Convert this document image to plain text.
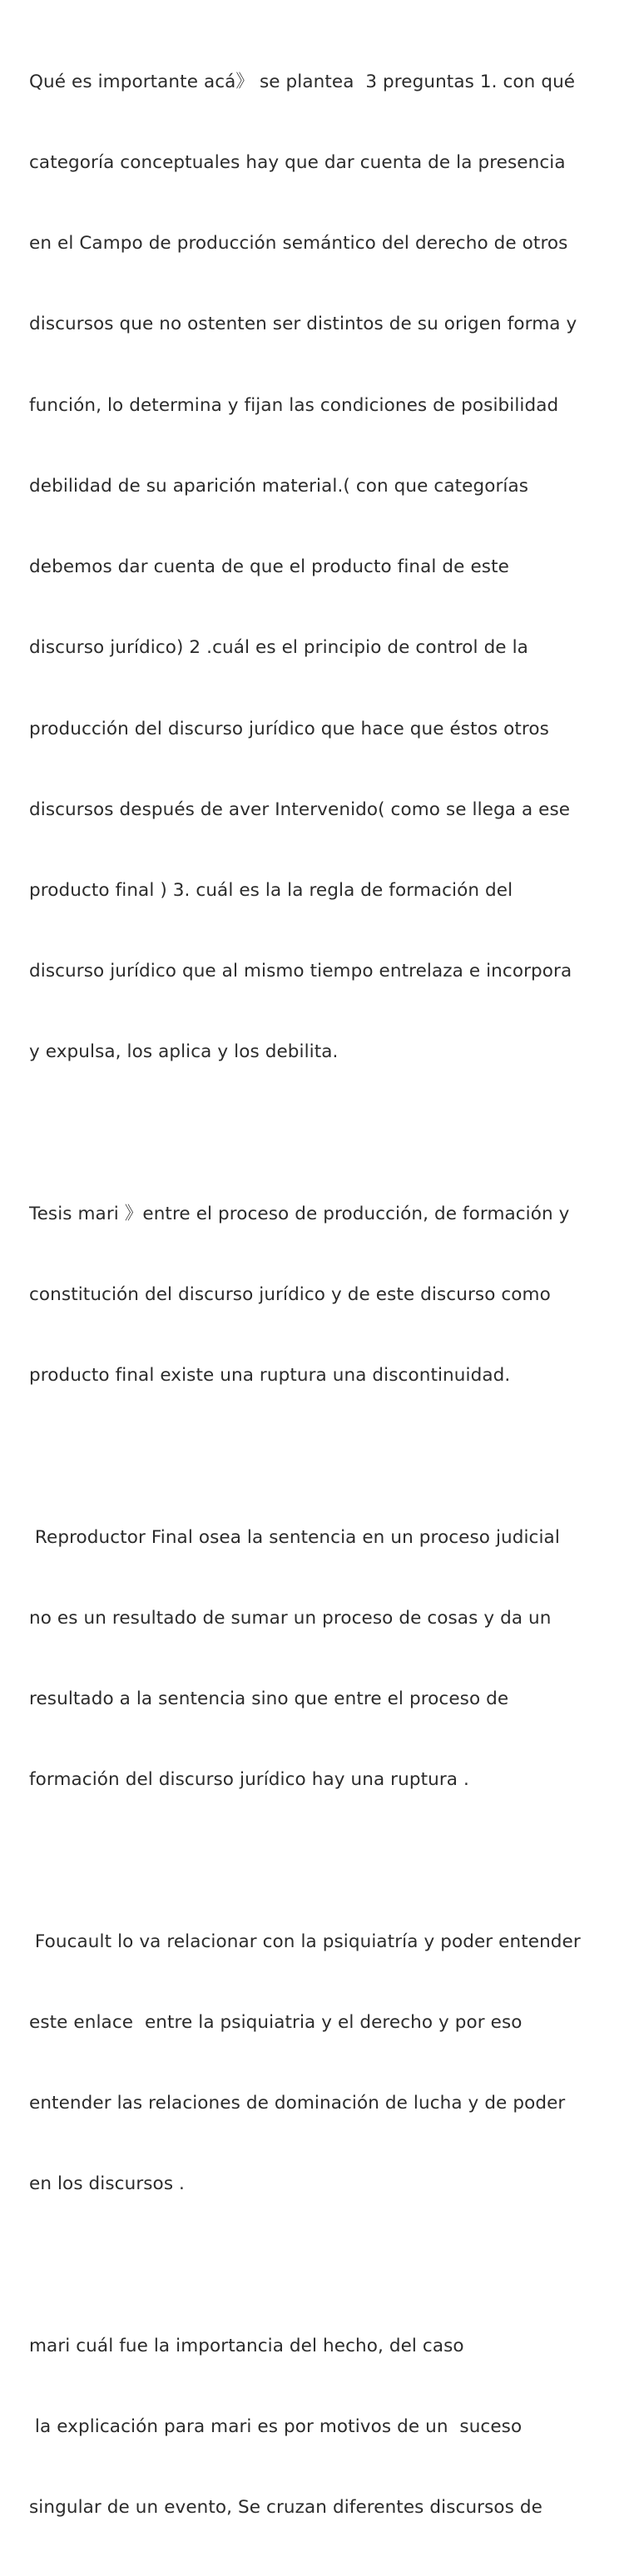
Qué es importante acá》 se plantea  3 preguntas 1. con qué

categoría conceptuales hay que dar cuenta de la presencia

en el Campo de producción semántico del derecho de otros

discursos que no ostenten ser distintos de su origen forma y

función, lo determina y fijan las condiciones de posibilidad

debilidad de su aparición material.( con que categorías

debemos dar cuenta de que el producto final de este

discurso jurídico) 2 .cuál es el principio de control de la

producción del discurso jurídico que hace que éstos otros

discursos después de aver Intervenido( como se llega a ese

producto final ) 3. cuál es la la regla de formación del

discurso jurídico que al mismo tiempo entrelaza e incorpora

y expulsa, los aplica y los debilita.

Tesis mari 》entre el proceso de producción, de formación y

constitución del discurso jurídico y de este discurso como

producto final existe una ruptura una discontinuidad.

Reproductor Final osea la sentencia en un proceso judicial

no es un resultado de sumar un proceso de cosas y da un

resultado a la sentencia sino que entre el proceso de

formación del discurso jurídico hay una ruptura .

Foucault lo va relacionar con la psiquiatría y poder entender

este enlace  entre la psiquiatria y el derecho y por eso

entender las relaciones de dominación de lucha y de poder

en los discursos .

mari cuál fue la importancia del hecho, del caso

la explicación para mari es por motivos de un  suceso

singular de un evento, Se cruzan diferentes discursos de
